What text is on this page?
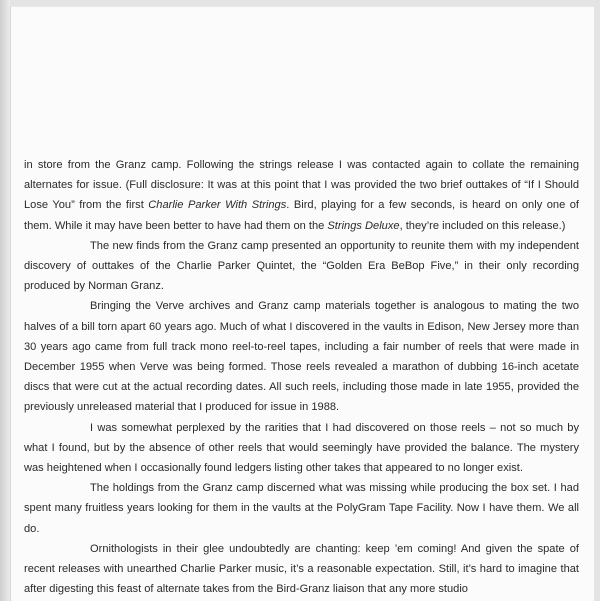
in store from the Granz camp. Following the strings release I was contacted again to collate the remaining alternates for issue. (Full disclosure: It was at this point that I was provided the two brief outtakes of “If I Should Lose You” from the first Charlie Parker With Strings. Bird, playing for a few seconds, is heard on only one of them. While it may have been better to have had them on the Strings Deluxe, they’re included on this release.)

The new finds from the Granz camp presented an opportunity to reunite them with my independent discovery of outtakes of the Charlie Parker Quintet, the “Golden Era BeBop Five,” in their only recording produced by Norman Granz.

Bringing the Verve archives and Granz camp materials together is analogous to mating the two halves of a bill torn apart 60 years ago. Much of what I discovered in the vaults in Edison, New Jersey more than 30 years ago came from full track mono reel-to-reel tapes, including a fair number of reels that were made in December 1955 when Verve was being formed. Those reels revealed a marathon of dubbing 16-inch acetate discs that were cut at the actual recording dates. All such reels, including those made in late 1955, provided the previously unreleased material that I produced for issue in 1988.

I was somewhat perplexed by the rarities that I had discovered on those reels – not so much by what I found, but by the absence of other reels that would seemingly have provided the balance. The mystery was heightened when I occasionally found ledgers listing other takes that appeared to no longer exist.

The holdings from the Granz camp discerned what was missing while producing the box set. I had spent many fruitless years looking for them in the vaults at the PolyGram Tape Facility. Now I have them. We all do.

Ornithologists in their glee undoubtedly are chanting: keep ’em coming! And given the spate of recent releases with unearthed Charlie Parker music, it’s a reasonable expectation. Still, it’s hard to imagine that after digesting this feast of alternate takes from the Bird-Granz liaison that any more studio
